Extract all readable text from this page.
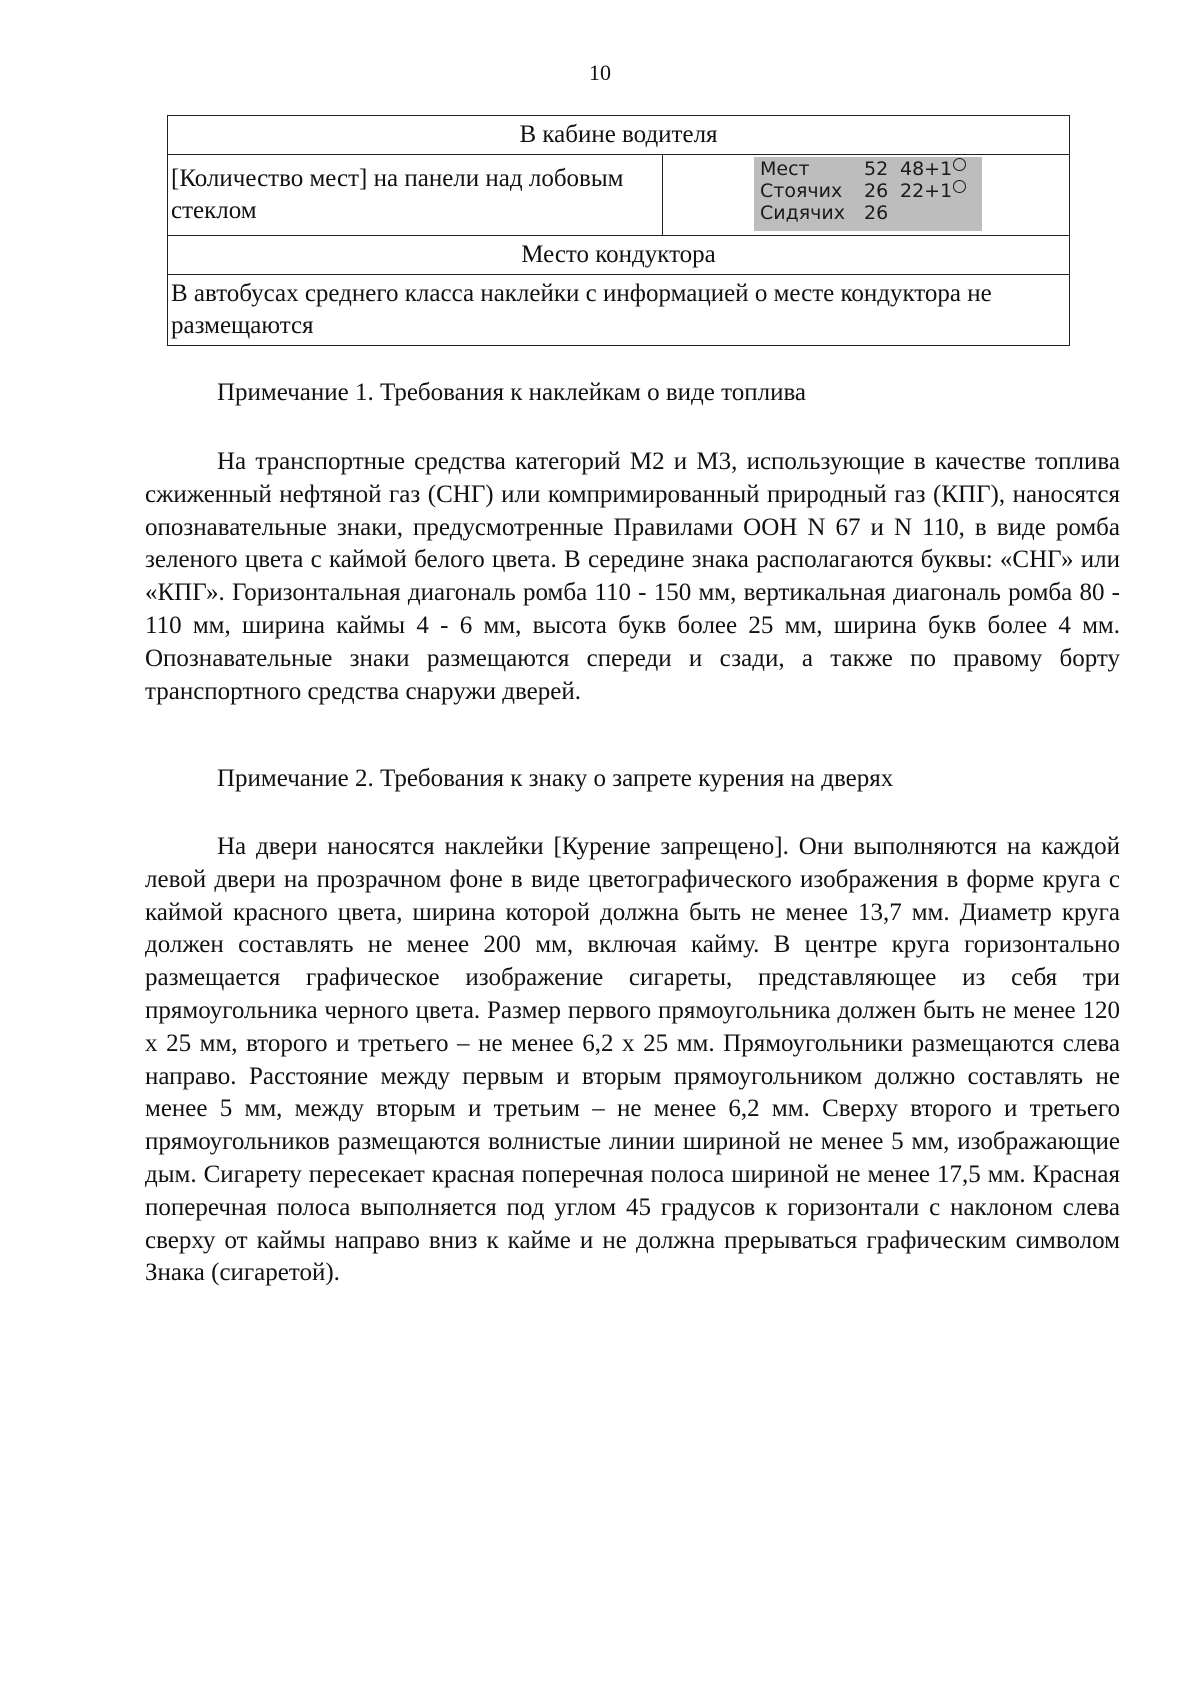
10
В кабине водителя
[Количество мест] на панели над лобовым стеклом	
Мест	52 48+1
Стоячих	26 22+1
Сидячих	26

Место кондуктора
В автобусах среднего класса наклейки с информацией о месте кондуктора не размещаются

Примечание 1. Требования к наклейкам о виде топлива

На транспортные средства категорий M2 и M3, использующие в качестве топлива сжиженный нефтяной газ (СНГ) или компримированный природный газ (КПГ), наносятся опознавательные знаки, предусмотренные Правилами ООН N 67 и N 110, в виде ромба зеленого цвета с каймой белого цвета. В середине знака располагаются буквы: «СНГ» или «КПГ». Горизонтальная диагональ ромба 110 - 150 мм, вертикальная диагональ ромба 80 - 110 мм, ширина каймы 4 - 6 мм, высота букв более 25 мм, ширина букв более 4 мм. Опознавательные знаки размещаются спереди и сзади, а также по правому борту транспортного средства снаружи дверей.

Примечание 2. Требования к знаку о запрете курения на дверях

На двери наносятся наклейки [Курение запрещено]. Они выполняются на каждой левой двери на прозрачном фоне в виде цветографического изображения в форме круга с каймой красного цвета, ширина которой должна быть не менее 13,7 мм. Диаметр круга должен составлять не менее 200 мм, включая кайму. В центре круга горизонтально размещается графическое изображение сигареты, представляющее из себя три прямоугольника черного цвета. Размер первого прямоугольника должен быть не менее 120 х 25 мм, второго и третьего – не менее 6,2 х 25 мм. Прямоугольники размещаются слева направо. Расстояние между первым и вторым прямоугольником должно составлять не менее 5 мм, между вторым и третьим – не менее 6,2 мм. Сверху второго и третьего прямоугольников размещаются волнистые линии шириной не менее 5 мм, изображающие дым. Сигарету пересекает красная поперечная полоса шириной не менее 17,5 мм. Красная поперечная полоса выполняется под углом 45 градусов к горизонтали с наклоном слева сверху от каймы направо вниз к кайме и не должна прерываться графическим символом Знака (сигаретой).
